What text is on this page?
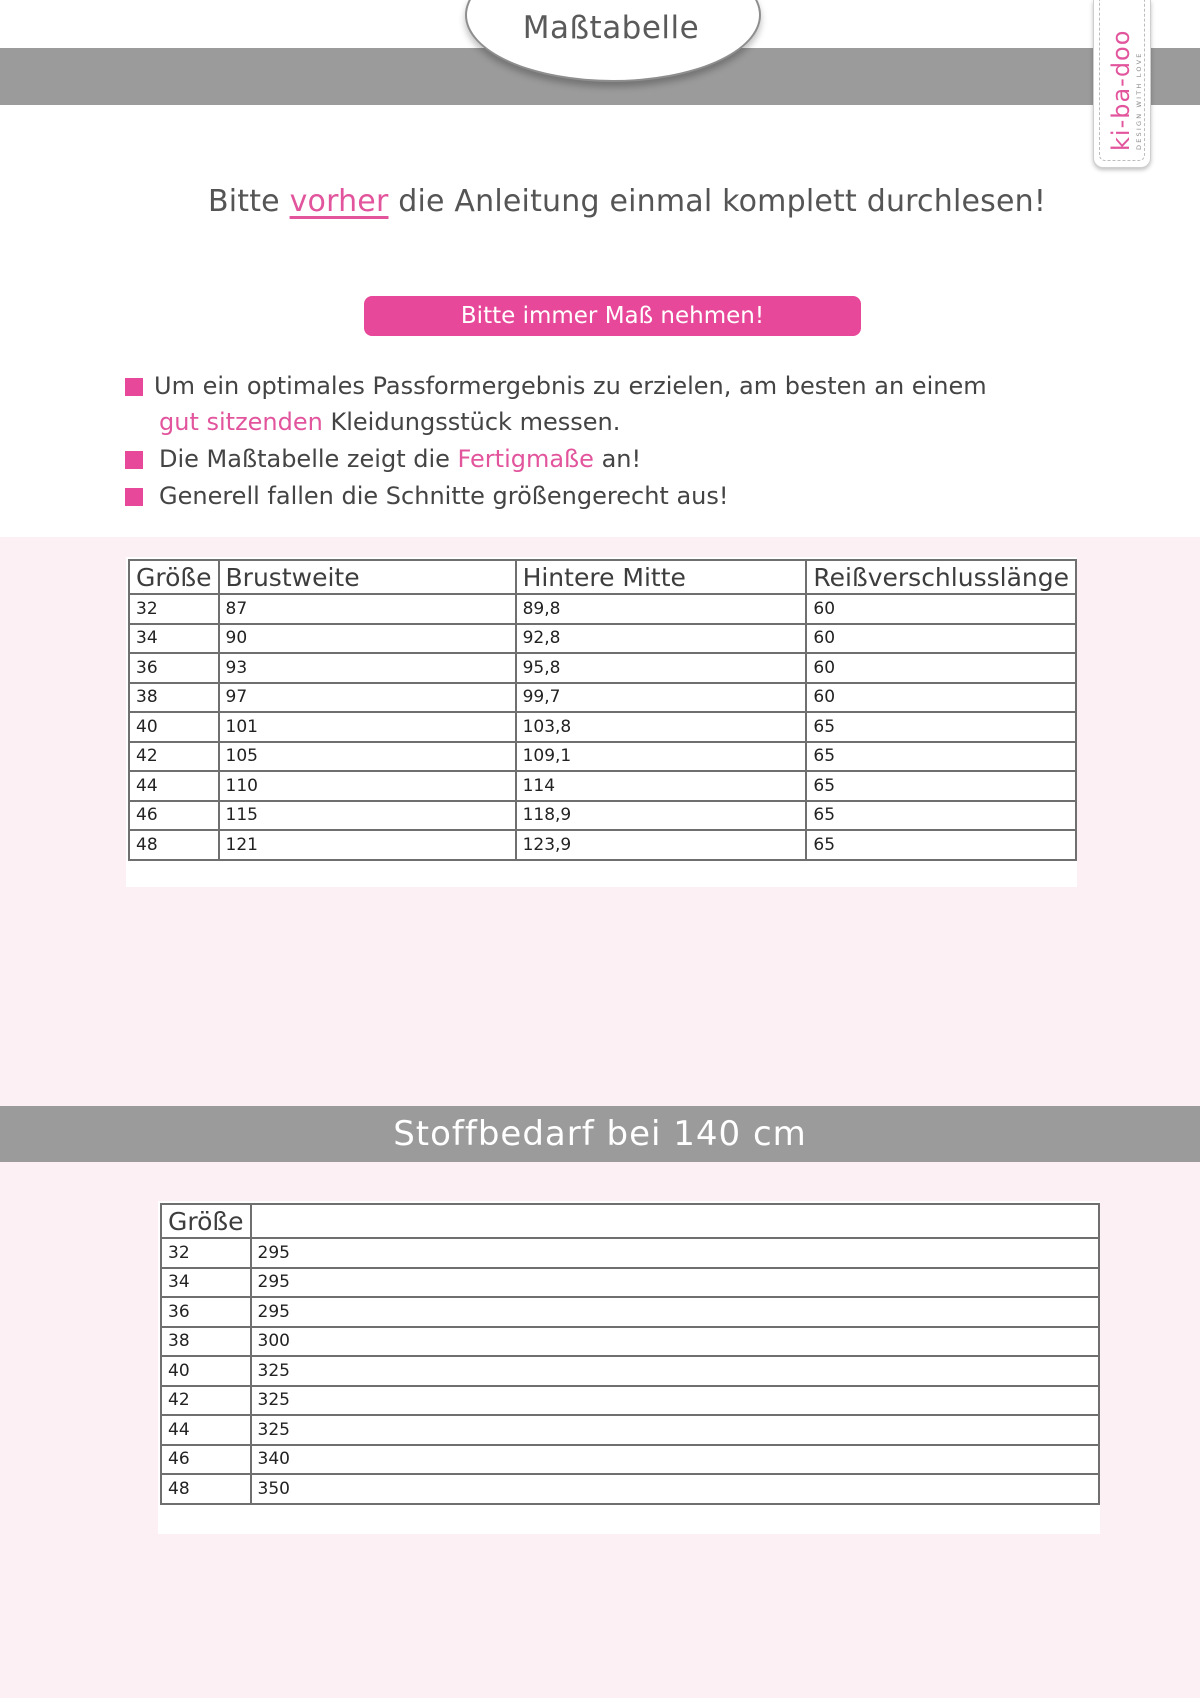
Maßtabelle
ki-ba-doo DESIGN WITH LOVE
Bitte vorher die Anleitung einmal komplett durchlesen!
Bitte immer Maß nehmen!
Um ein optimales Passformergebnis zu erzielen, am besten an einem
gut sitzenden Kleidungsstück messen.
Die Maßtabelle zeigt die Fertigmaße an!
Generell fallen die Schnitte größengerecht aus!
Größe	Brustweite	Hintere Mitte	Reißverschlusslänge
32	87	89,8	60
34	90	92,8	60
36	93	95,8	60
38	97	99,7	60
40	101	103,8	65
42	105	109,1	65
44	110	114	65
46	115	118,9	65
48	121	123,9	65
Stoffbedarf bei 140 cm
Größe	
32	295
34	295
36	295
38	300
40	325
42	325
44	325
46	340
48	350
